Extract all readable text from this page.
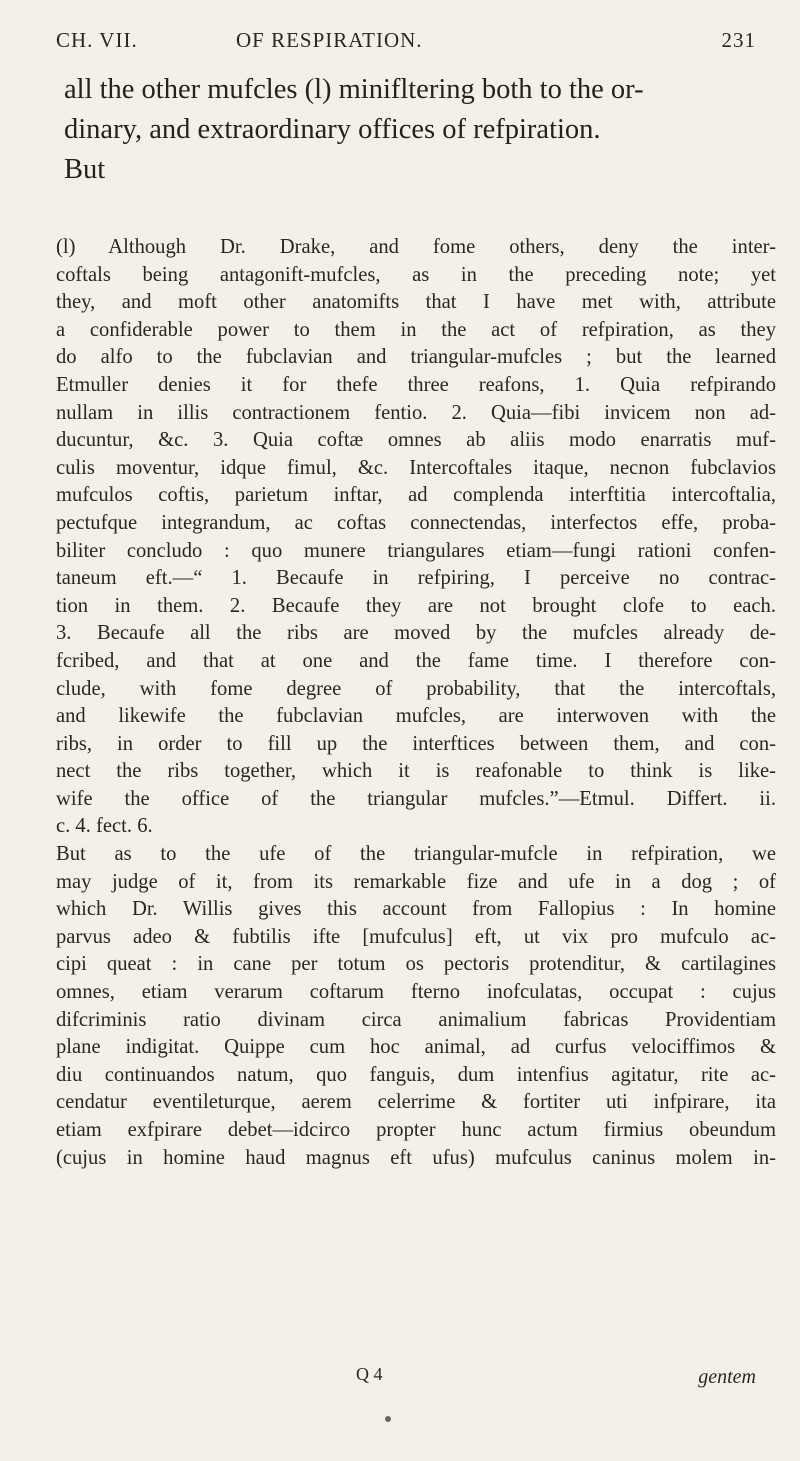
CH. VII.	OF RESPIRATION.	231

all the other mufcles (l) minifltering both to the or-

dinary, and extraordinary offices of refpiration.

But

(l) Although Dr. Drake, and fome others, deny the inter-

coftals being antagonift-mufcles, as in the preceding note; yet

they, and moft other anatomifts that I have met with, attribute

a confiderable power to them in the act of refpiration, as they

do alfo to the fubclavian and triangular-mufcles ; but the learned

Etmuller denies it for thefe three reafons, 1. Quia refpirando

nullam in illis contractionem fentio. 2. Quia—fibi invicem non ad-

ducuntur, &c. 3. Quia coftæ omnes ab aliis modo enarratis muf-

culis moventur, idque fimul, &c. Intercoftales itaque, necnon fubclavios

mufculos coftis, parietum inftar, ad complenda interftitia intercoftalia,

pectufque integrandum, ac coftas connectendas, interfectos effe, proba-

biliter concludo : quo munere triangulares etiam—fungi rationi confen-

taneum eft.—“ 1. Becaufe in refpiring, I perceive no contrac-

tion in them. 2. Becaufe they are not brought clofe to each.

3. Becaufe all the ribs are moved by the mufcles already de-

fcribed, and that at one and the fame time. I therefore con-

clude, with fome degree of probability, that the intercoftals,

and likewife the fubclavian mufcles, are interwoven with the

ribs, in order to fill up the interftices between them, and con-

nect the ribs together, which it is reafonable to think is like-

wife the office of the triangular mufcles.”—Etmul. Differt. ii.

c. 4. fect. 6.

But as to the ufe of the triangular-mufcle in refpiration, we

may judge of it, from its remarkable fize and ufe in a dog ; of

which Dr. Willis gives this account from Fallopius : In homine

parvus adeo & fubtilis ifte [mufculus] eft, ut vix pro mufculo ac-

cipi queat : in cane per totum os pectoris protenditur, & cartilagines

omnes, etiam verarum coftarum fterno inofculatas, occupat : cujus

difcriminis ratio divinam circa animalium fabricas Providentiam

plane indigitat. Quippe cum hoc animal, ad curfus velociffimos &

diu continuandos natum, quo fanguis, dum intenfius agitatur, rite ac-

cendatur eventileturque, aerem celerrime & fortiter uti infpirare, ita

etiam exfpirare debet—idcirco propter hunc actum firmius obeundum

(cujus in homine haud magnus eft ufus) mufculus caninus molem in-

Q 4	gentem
